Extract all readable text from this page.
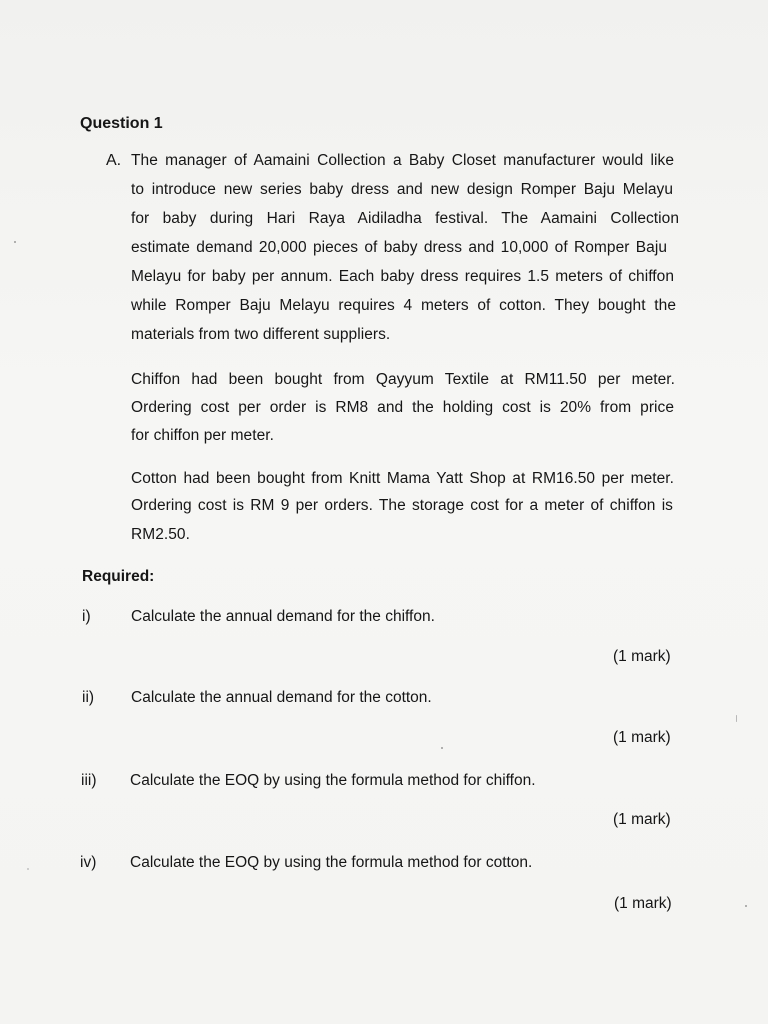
Question 1
A. The manager of Aamaini Collection a Baby Closet manufacturer would like
to introduce new series baby dress and new design Romper Baju Melayu
for baby during Hari Raya Aidiladha festival. The Aamaini Collection
estimate demand 20,000 pieces of baby dress and 10,000 of Romper Baju
Melayu for baby per annum. Each baby dress requires 1.5 meters of chiffon
while Romper Baju Melayu requires 4 meters of cotton. They bought the
materials from two different suppliers.
Chiffon had been bought from Qayyum Textile at RM11.50 per meter.
Ordering cost per order is RM8 and the holding cost is 20% from price
for chiffon per meter.
Cotton had been bought from Knitt Mama Yatt Shop at RM16.50 per meter.
Ordering cost is RM 9 per orders. The storage cost for a meter of chiffon is
RM2.50.
Required:
i)	Calculate the annual demand for the chiffon.
(1 mark)
ii) Calculate the annual demand for the cotton.
(1 mark)
iii) Calculate the EOQ by using the formula method for chiffon.
(1 mark)
iv) Calculate the EOQ by using the formula method for cotton.
(1 mark)
